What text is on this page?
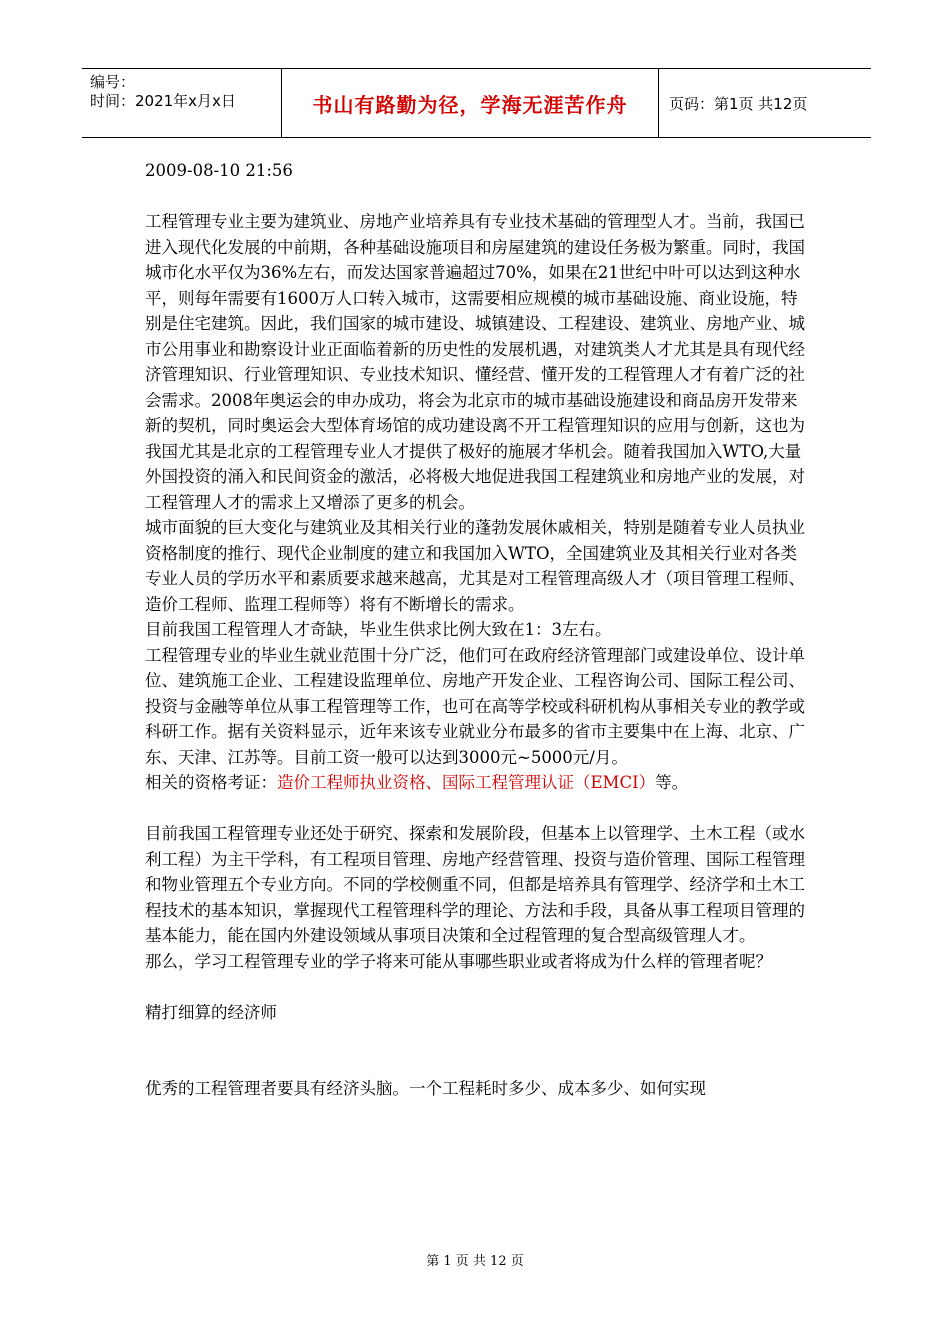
编号：
时间：2021年x月x日	书山有路勤为径，学海无涯苦作舟	页码：第1页 共12页

2009-08-10 21:56

工程管理专业主要为建筑业、房地产业培养具有专业技术基础的管理型人才。当前，我国已进入现代化发展的中前期，各种基础设施项目和房屋建筑的建设任务极为繁重。同时，我国城市化水平仅为36%左右，而发达国家普遍超过70%，如果在21世纪中叶可以达到这种水平，则每年需要有1600万人口转入城市，这需要相应规模的城市基础设施、商业设施，特别是住宅建筑。因此，我们国家的城市建设、城镇建设、工程建设、建筑业、房地产业、城市公用事业和勘察设计业正面临着新的历史性的发展机遇，对建筑类人才尤其是具有现代经济管理知识、行业管理知识、专业技术知识、懂经营、懂开发的工程管理人才有着广泛的社会需求。2008年奥运会的申办成功，将会为北京市的城市基础设施建设和商品房开发带来新的契机，同时奥运会大型体育场馆的成功建设离不开工程管理知识的应用与创新，这也为我国尤其是北京的工程管理专业人才提供了极好的施展才华机会。随着我国加入WTO,大量外国投资的涌入和民间资金的激活，必将极大地促进我国工程建筑业和房地产业的发展，对工程管理人才的需求上又增添了更多的机会。

城市面貌的巨大变化与建筑业及其相关行业的蓬勃发展休戚相关，特别是随着专业人员执业资格制度的推行、现代企业制度的建立和我国加入WTO，全国建筑业及其相关行业对各类专业人员的学历水平和素质要求越来越高，尤其是对工程管理高级人才（项目管理工程师、造价工程师、监理工程师等）将有不断增长的需求。

目前我国工程管理人才奇缺，毕业生供求比例大致在1：3左右。

工程管理专业的毕业生就业范围十分广泛，他们可在政府经济管理部门或建设单位、设计单位、建筑施工企业、工程建设监理单位、房地产开发企业、工程咨询公司、国际工程公司、投资与金融等单位从事工程管理等工作，也可在高等学校或科研机构从事相关专业的教学或科研工作。据有关资料显示，近年来该专业就业分布最多的省市主要集中在上海、北京、广东、天津、江苏等。目前工资一般可以达到3000元~5000元/月。

相关的资格考证：造价工程师执业资格、国际工程管理认证（EMCI）等。

目前我国工程管理专业还处于研究、探索和发展阶段，但基本上以管理学、土木工程（或水利工程）为主干学科，有工程项目管理、房地产经营管理、投资与造价管理、国际工程管理和物业管理五个专业方向。不同的学校侧重不同，但都是培养具有管理学、经济学和土木工程技术的基本知识，掌握现代工程管理科学的理论、方法和手段，具备从事工程项目管理的基本能力，能在国内外建设领域从事项目决策和全过程管理的复合型高级管理人才。

那么，学习工程管理专业的学子将来可能从事哪些职业或者将成为什么样的管理者呢？

精打细算的经济师

优秀的工程管理者要具有经济头脑。一个工程耗时多少、成本多少、如何实现

第 1 页 共 12 页
